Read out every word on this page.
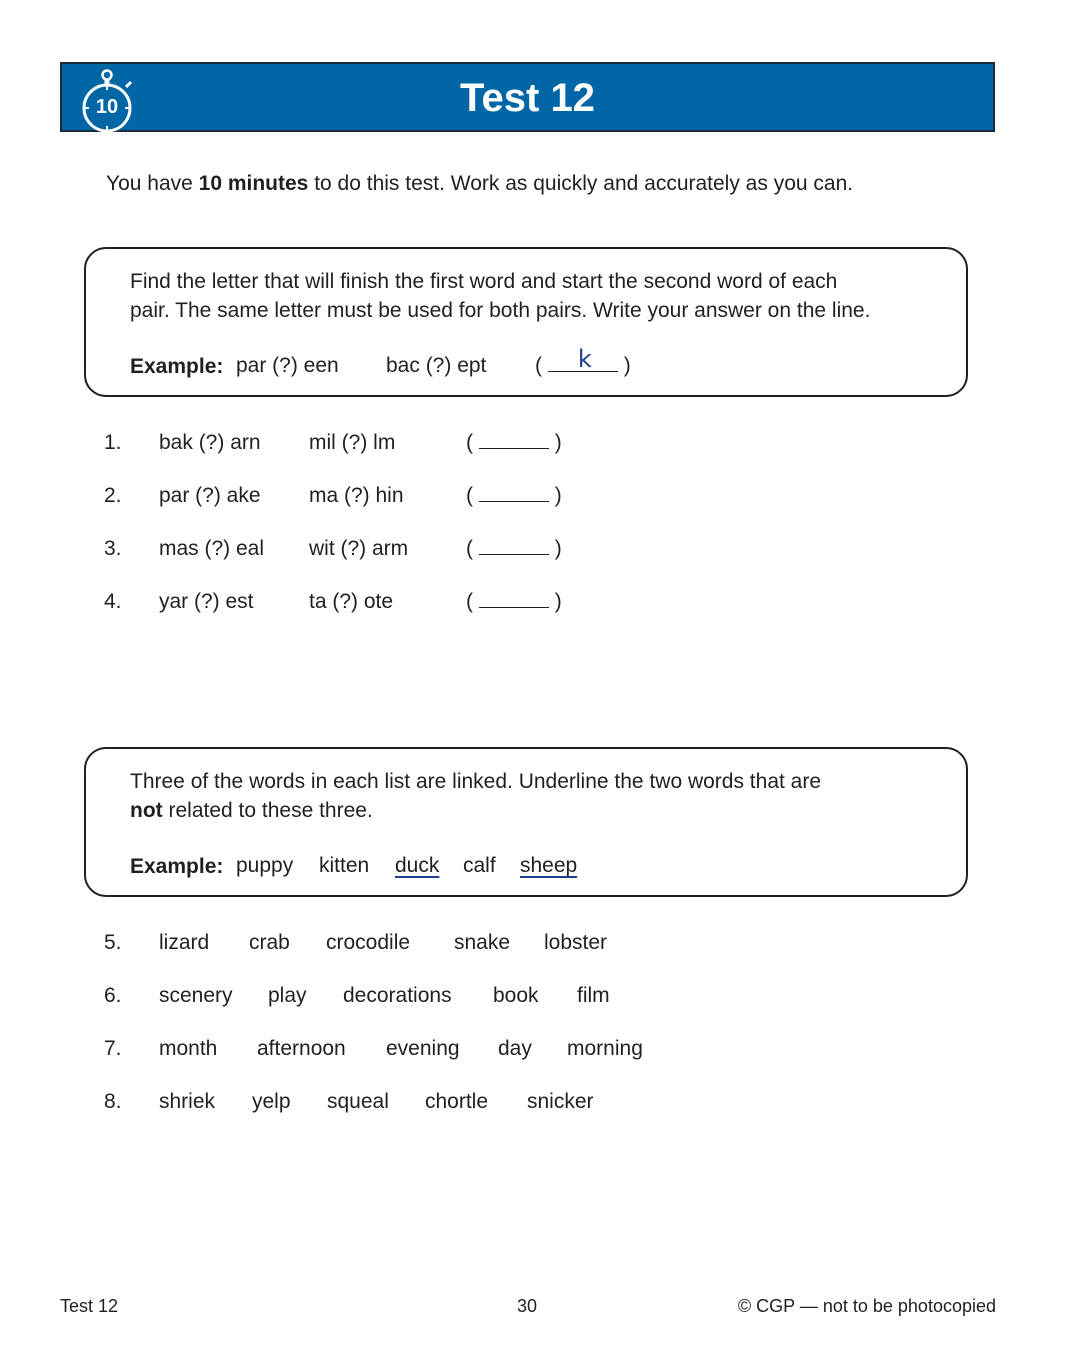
10	Test 12
You have 10 minutes to do this test. Work as quickly and accurately as you can.
Find the letter that will finish the first word and start the second word of each
pair. The same letter must be used for both pairs. Write your answer on the line.
Example: par (?) een bac (?) ept ( k )
1. bak (?) arn mil (?) lm	(	)
2. par (?) ake ma (?) hin	(	)
3. mas (?) eal wit (?) arm	(	)
4. yar (?) est	ta (?) ote	(	)
Three of the words in each list are linked. Underline the two words that are
not related to these three.
Example: puppy kitten duck calf sheep
5. lizard crab crocodile snake lobster
6. scenery play decorations book film
7. month afternoon evening day morning
8. shriek yelp squeal chortle snicker
Test 12	30	© CGP — not to be photocopied
